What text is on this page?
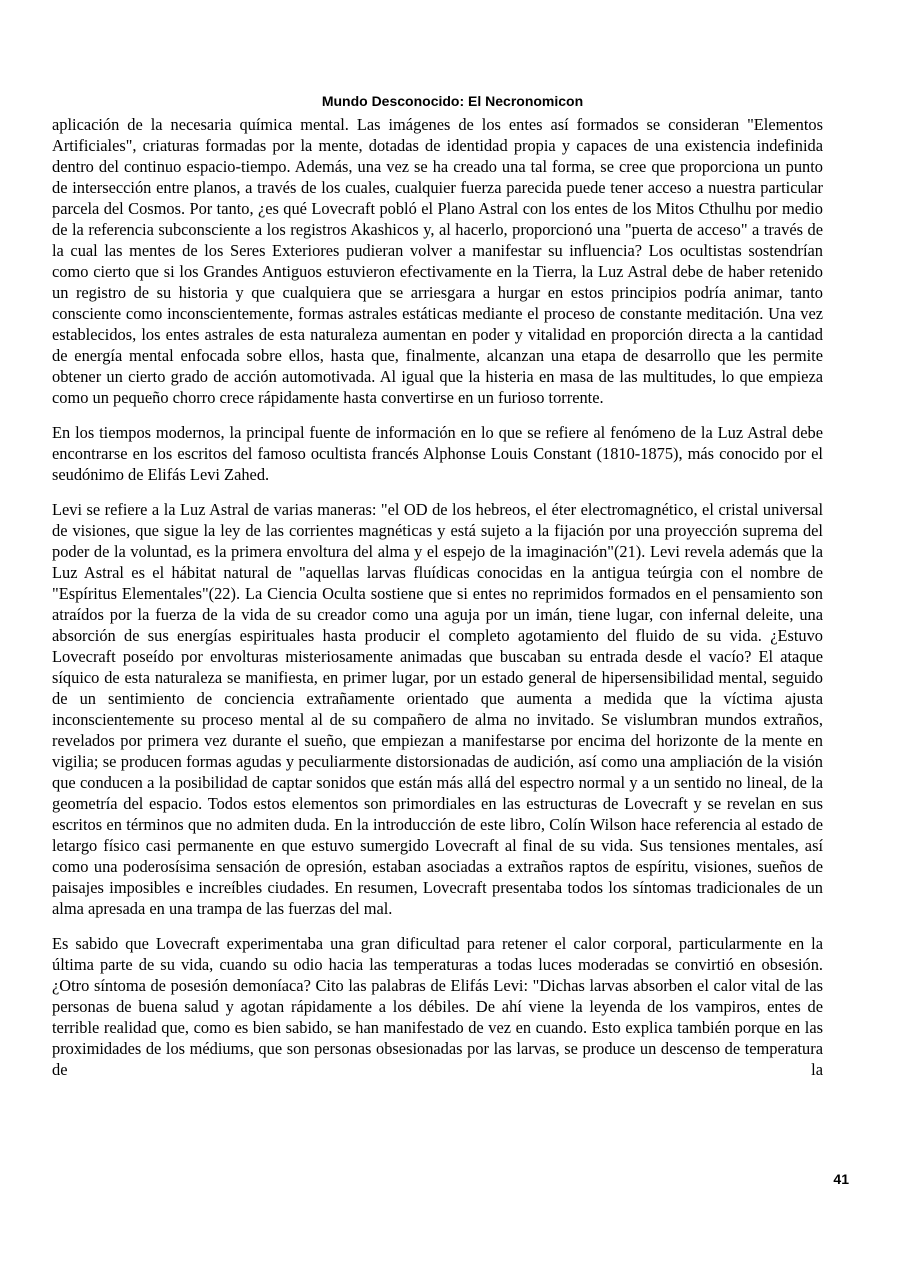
Mundo Desconocido: El Necronomicon

aplicación de la necesaria química mental. Las imágenes de los entes así formados se consideran "Elementos Artificiales", criaturas formadas por la mente, dotadas de identidad propia y capaces de una existencia indefinida dentro del continuo espacio-tiempo. Además, una vez se ha creado una tal forma, se cree que proporciona un punto de intersección entre planos, a través de los cuales, cualquier fuerza parecida puede tener acceso a nuestra particular parcela del Cosmos. Por tanto, ¿es qué Lovecraft pobló el Plano Astral con los entes de los Mitos Cthulhu por medio de la referencia subconsciente a los registros Akashicos y, al hacerlo, proporcionó una "puerta de acceso" a través de la cual las mentes de los Seres Exteriores pudieran volver a manifestar su influencia? Los ocultistas sostendrían como cierto que si los Grandes Antiguos estuvieron efectivamente en la Tierra, la Luz Astral debe de haber retenido un registro de su historia y que cualquiera que se arriesgara a hurgar en estos principios podría animar, tanto consciente como inconscientemente, formas astrales estáticas mediante el proceso de constante meditación. Una vez establecidos, los entes astrales de esta naturaleza aumentan en poder y vitalidad en proporción directa a la cantidad de energía mental enfocada sobre ellos, hasta que, finalmente, alcanzan una etapa de desarrollo que les permite obtener un cierto grado de acción automotivada. Al igual que la histeria en masa de las multitudes, lo que empieza como un pequeño chorro crece rápidamente hasta convertirse en un furioso torrente.

En los tiempos modernos, la principal fuente de información en lo que se refiere al fenómeno de la Luz Astral debe encontrarse en los escritos del famoso ocultista francés Alphonse Louis Constant (1810-1875), más conocido por el seudónimo de Elifás Levi Zahed.

Levi se refiere a la Luz Astral de varias maneras: "el OD de los hebreos, el éter electromagnético, el cristal universal de visiones, que sigue la ley de las corrientes magnéticas y está sujeto a la fijación por una proyección suprema del poder de la voluntad, es la primera envoltura del alma y el espejo de la imaginación"(21). Levi revela además que la Luz Astral es el hábitat natural de "aquellas larvas fluídicas conocidas en la antigua teúrgia con el nombre de "Espíritus Elementales"(22). La Ciencia Oculta sostiene que si entes no reprimidos formados en el pensamiento son atraídos por la fuerza de la vida de su creador como una aguja por un imán, tiene lugar, con infernal deleite, una absorción de sus energías espirituales hasta producir el completo agotamiento del fluido de su vida. ¿Estuvo Lovecraft poseído por envolturas misteriosamente animadas que buscaban su entrada desde el vacío? El ataque síquico de esta naturaleza se manifiesta, en primer lugar, por un estado general de hipersensibilidad mental, seguido de un sentimiento de conciencia extrañamente orientado que aumenta a medida que la víctima ajusta inconscientemente su proceso mental al de su compañero de alma no invitado. Se vislumbran mundos extraños, revelados por primera vez durante el sueño, que empiezan a manifestarse por encima del horizonte de la mente en vigilia; se producen formas agudas y peculiarmente distorsionadas de audición, así como una ampliación de la visión que conducen a la posibilidad de captar sonidos que están más allá del espectro normal y a un sentido no lineal, de la geometría del espacio. Todos estos elementos son primordiales en las estructuras de Lovecraft y se revelan en sus escritos en términos que no admiten duda. En la introducción de este libro, Colín Wilson hace referencia al estado de letargo físico casi permanente en que estuvo sumergido Lovecraft al final de su vida. Sus tensiones mentales, así como una poderosísima sensación de opresión, estaban asociadas a extraños raptos de espíritu, visiones, sueños de paisajes imposibles e increíbles ciudades. En resumen, Lovecraft presentaba todos los síntomas tradicionales de un alma apresada en una trampa de las fuerzas del mal.

Es sabido que Lovecraft experimentaba una gran dificultad para retener el calor corporal, particularmente en la última parte de su vida, cuando su odio hacia las temperaturas a todas luces moderadas se convirtió en obsesión. ¿Otro síntoma de posesión demoníaca? Cito las palabras de Elifás Levi: "Dichas larvas absorben el calor vital de las personas de buena salud y agotan rápidamente a los débiles. De ahí viene la leyenda de los vampiros, entes de terrible realidad que, como es bien sabido, se han manifestado de vez en cuando. Esto explica también porque en las proximidades de los médiums, que son personas obsesionadas por las larvas, se produce un descenso de temperatura de la

41
